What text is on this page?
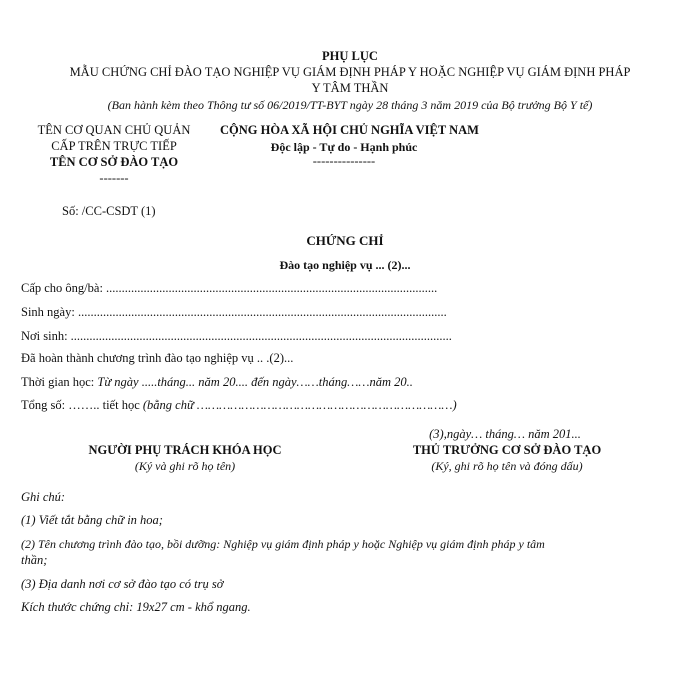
PHỤ LỤC
MẪU CHỨNG CHỈ ĐÀO TẠO NGHIỆP VỤ GIÁM ĐỊNH PHÁP Y HOẶC NGHIỆP VỤ GIÁM ĐỊNH PHÁP
Y TÂM THẦN
(Ban hành kèm theo Thông tư số 06/2019/TT-BYT ngày 28 tháng 3 năm 2019 của Bộ trưởng Bộ Y tế)
TÊN CƠ QUAN CHỦ QUẢN
CẤP TRÊN TRỰC TIẾP
TÊN CƠ SỞ ĐÀO TẠO
-------
Số: /CC-CSDT (1)
CỘNG HÒA XÃ HỘI CHỦ NGHĨA VIỆT NAM
Độc lập - Tự do - Hạnh phúc
---------------
CHỨNG CHỈ
Đào tạo nghiệp vụ ... (2)...
Cấp cho ông/bà: ..........................................................................................................
Sinh ngày: ......................................................................................................................
Nơi sinh: ..........................................................................................................................
Đã hoàn thành chương trình đào tạo nghiệp vụ .. .(2)...
Thời gian học: Từ ngày .....tháng... năm 20.... đến ngày……tháng……năm 20..
Tổng số: …….. tiết học (bằng chữ ……………………………………………………………)
(3),ngày… tháng… năm 201...
NGƯỜI PHỤ TRÁCH KHÓA HỌC
(Ký và ghi rõ họ tên)
THỦ TRƯỞNG CƠ SỞ ĐÀO TẠO
(Ký, ghi rõ họ tên và đóng dấu)
Ghi chú:
(1) Viết tắt bằng chữ in hoa;
(2) Tên chương trình đào tạo, bồi dưỡng: Nghiệp vụ giám định pháp y hoặc Nghiệp vụ giám định pháp y tâm
thần;
(3) Địa danh nơi cơ sở đào tạo có trụ sở
Kích thước chứng chỉ: 19x27 cm - khổ ngang.
